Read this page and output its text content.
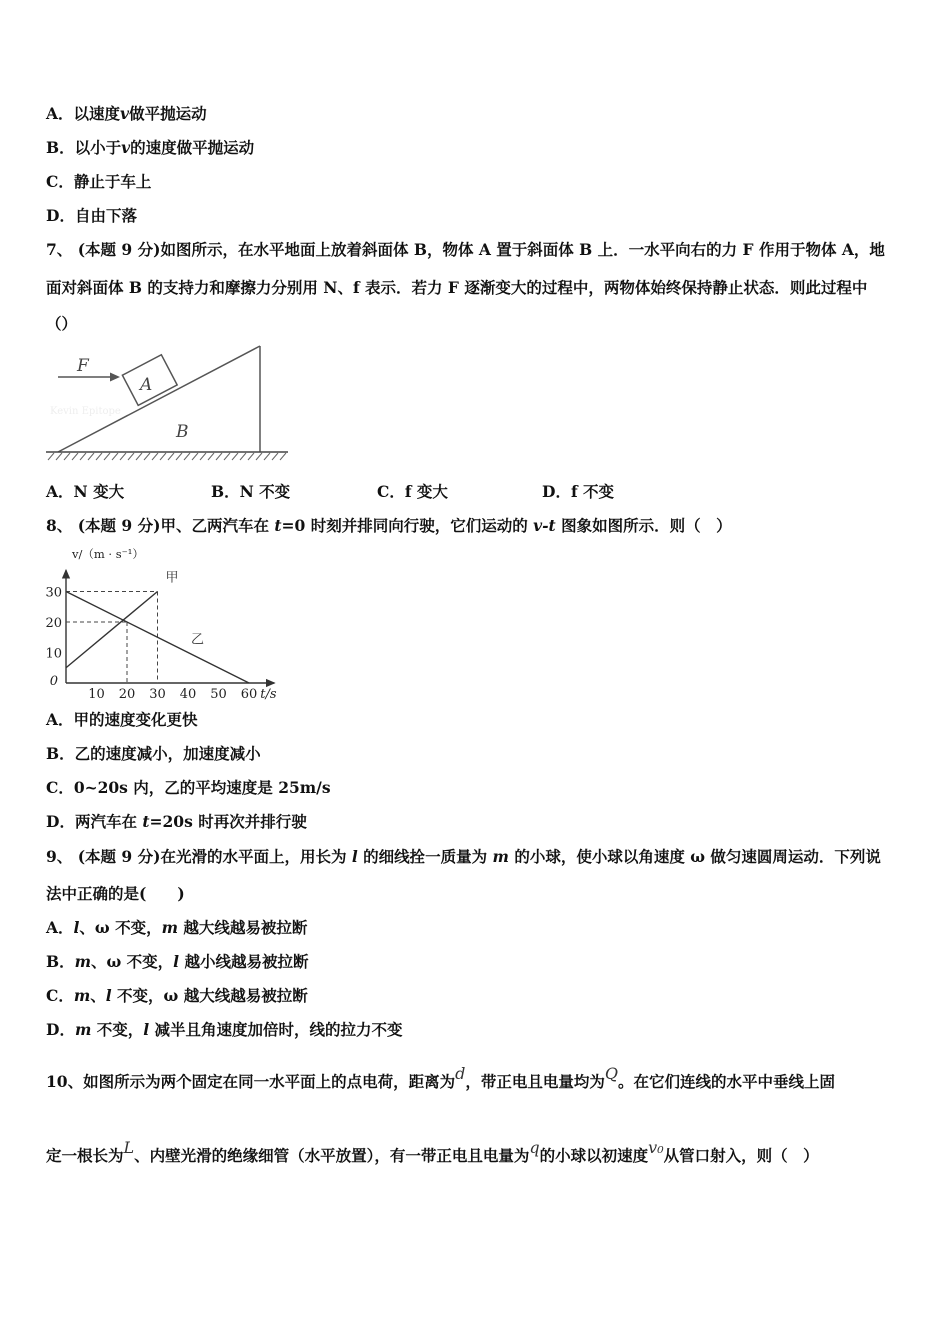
A．以速度v做平抛运动
B．以小于v的速度做平抛运动
C．静止于车上
D．自由下落
7、 (本题 9 分)如图所示，在水平地面上放着斜面体 B，物体 A 置于斜面体 B 上．一水平向右的力 F 作用于物体 A，地
面对斜面体 B 的支持力和摩擦力分别用 N、f 表示．若力 F 逐渐变大的过程中，两物体始终保持静止状态．则此过程中
（）
A
F
B
Kevin Epitope
A．N 变大	B．N 不变	C．f 变大	D．f 不变
8、 (本题 9 分)甲、乙两汽车在 t=0 时刻并排同向行驶，它们运动的 v-t 图象如图所示．则（　）
甲
乙
10 20 30 40 50 60
10
20
30
0
v/（m · s⁻¹）
t/s
A．甲的速度变化更快
B．乙的速度减小，加速度减小
C．0~20s 内，乙的平均速度是 25m/s
D．两汽车在 t=20s 时再次并排行驶
9、 (本题 9 分)在光滑的水平面上，用长为 l 的细线拴一质量为 m 的小球，使小球以角速度 ω 做匀速圆周运动．下列说
法中正确的是(　　)
A．l、ω 不变，m 越大线越易被拉断
B．m、ω 不变，l 越小线越易被拉断
C．m、l 不变，ω 越大线越易被拉断
D．m 不变，l 减半且角速度加倍时，线的拉力不变
10、如图所示为两个固定在同一水平面上的点电荷，距离为d，带正电且电量均为Q。在它们连线的水平中垂线上固
定一根长为L、内壁光滑的绝缘细管（水平放置），有一带正电且电量为q的小球以初速度v₀从管口射入，则（　）
